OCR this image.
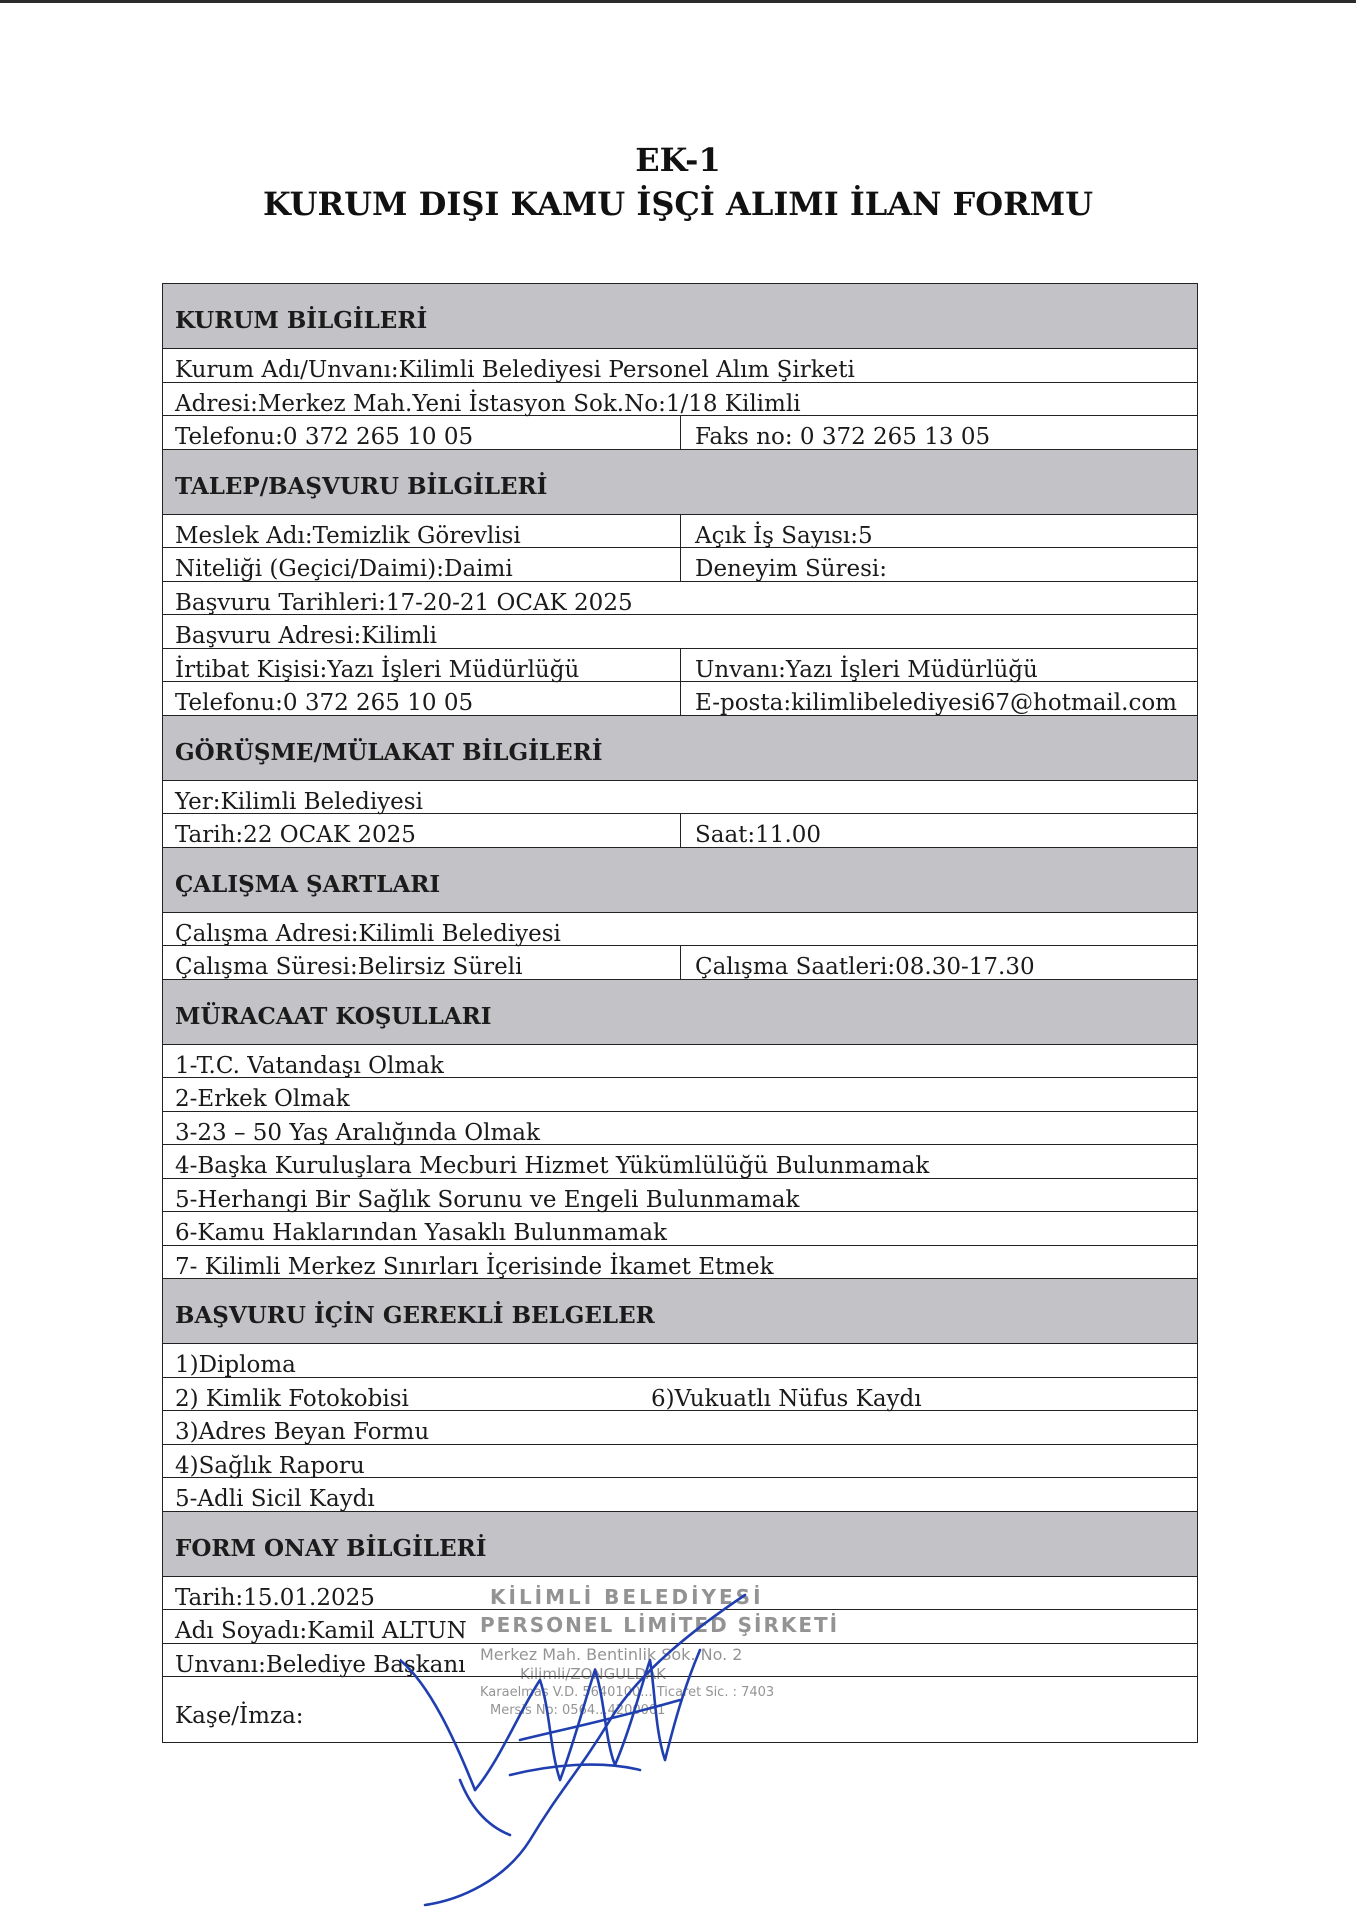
EK-1
KURUM DIŞI KAMU İŞÇİ ALIMI İLAN FORMU
KURUM BİLGİLERİ
Kurum Adı/Unvanı:Kilimli Belediyesi Personel Alım Şirketi
Adresi:Merkez Mah.Yeni İstasyon Sok.No:1/18 Kilimli
Telefonu:0 372 265 10 05	Faks no: 0 372 265 13 05
TALEP/BAŞVURU BİLGİLERİ
Meslek Adı:Temizlik Görevlisi	Açık İş Sayısı:5
Niteliği (Geçici/Daimi):Daimi	Deneyim Süresi:
Başvuru Tarihleri:17-20-21 OCAK 2025
Başvuru Adresi:Kilimli
İrtibat Kişisi:Yazı İşleri Müdürlüğü	Unvanı:Yazı İşleri Müdürlüğü
Telefonu:0 372 265 10 05	E-posta:kilimlibelediyesi67@hotmail.com
GÖRÜŞME/MÜLAKAT BİLGİLERİ
Yer:Kilimli Belediyesi
Tarih:22 OCAK 2025	Saat:11.00
ÇALIŞMA ŞARTLARI
Çalışma Adresi:Kilimli Belediyesi
Çalışma Süresi:Belirsiz Süreli	Çalışma Saatleri:08.30-17.30
MÜRACAAT KOŞULLARI
1-T.C. Vatandaşı Olmak
2-Erkek Olmak
3-23 – 50 Yaş Aralığında Olmak
4-Başka Kuruluşlara Mecburi Hizmet Yükümlülüğü Bulunmamak
5-Herhangi Bir Sağlık Sorunu ve Engeli Bulunmamak
6-Kamu Haklarından Yasaklı Bulunmamak
7- Kilimli Merkez Sınırları İçerisinde İkamet Etmek
BAŞVURU İÇİN GEREKLİ BELGELER
1)Diploma
2) Kimlik Fotokobisi	6)Vukuatlı Nüfus Kaydı
3)Adres Beyan Formu
4)Sağlık Raporu
5-Adli Sicil Kaydı
FORM ONAY BİLGİLERİ
Tarih:15.01.2025
Adı Soyadı:Kamil ALTUN
Unvanı:Belediye Başkanı
Kaşe/İmza:
KİLİMLİ BELEDİYESİ
PERSONEL LİMİTED ŞİRKETİ
Merkez Mah. Bentinlik Sok. No. 2
Kilimli/ZONGULDAK
Karaelmas V.D. 5640100... Ticaret Sic. : 7403
Mersis No: 0564...4200001
